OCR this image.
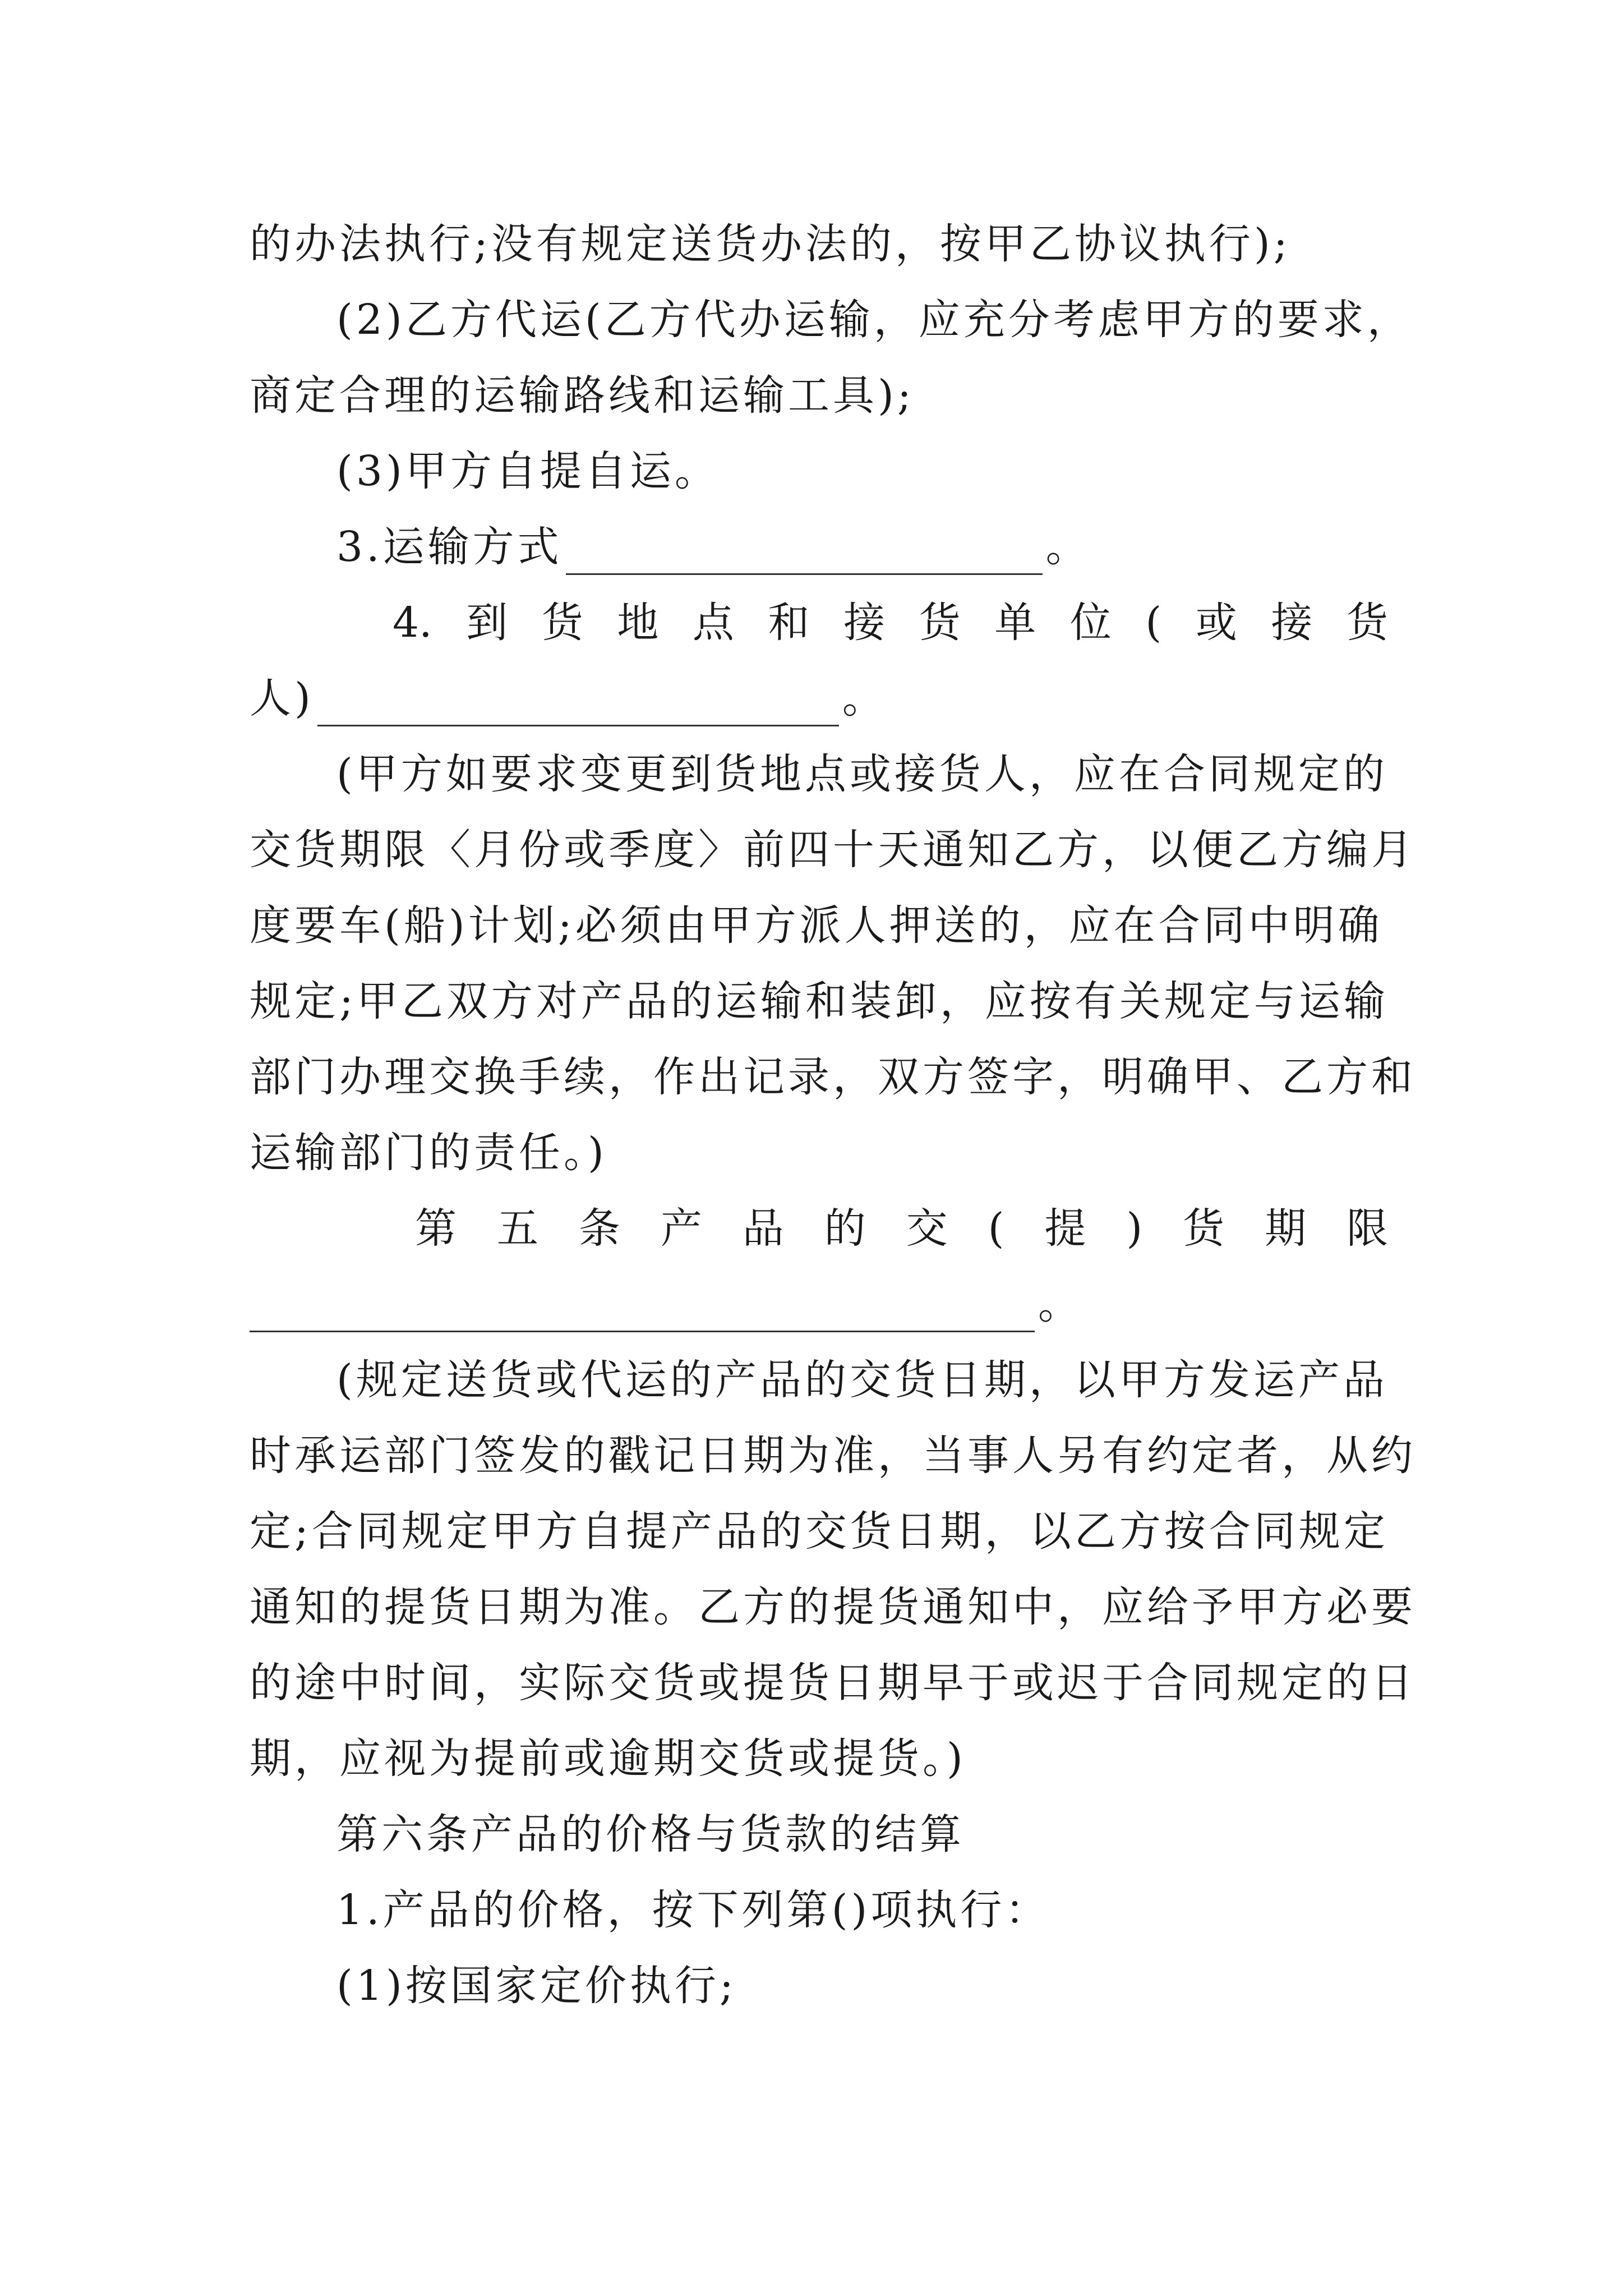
的办法执行;没有规定送货办法的，按甲乙协议执行);
(2)乙方代运(乙方代办运输，应充分考虑甲方的要求，
商定合理的运输路线和运输工具);
(3)甲方自提自运。
3.运输方式	。
4. 到 货 地 点 和 接 货 单 位 ( 或 接 货
人)	。
(甲方如要求变更到货地点或接货人，应在合同规定的
交货期限〈月份或季度〉前四十天通知乙方，以便乙方编月
度要车(船)计划;必须由甲方派人押送的，应在合同中明确
规定;甲乙双方对产品的运输和装卸，应按有关规定与运输
部门办理交换手续，作出记录，双方签字，明确甲、乙方和
运输部门的责任。)
第 五 条 产 品 的 交 ( 提 ) 货 期 限
。
(规定送货或代运的产品的交货日期，以甲方发运产品
时承运部门签发的戳记日期为准，当事人另有约定者，从约
定;合同规定甲方自提产品的交货日期，以乙方按合同规定
通知的提货日期为准。乙方的提货通知中，应给予甲方必要
的途中时间，实际交货或提货日期早于或迟于合同规定的日
期，应视为提前或逾期交货或提货。)
第六条产品的价格与货款的结算
1.产品的价格，按下列第()项执行：
(1)按国家定价执行;
